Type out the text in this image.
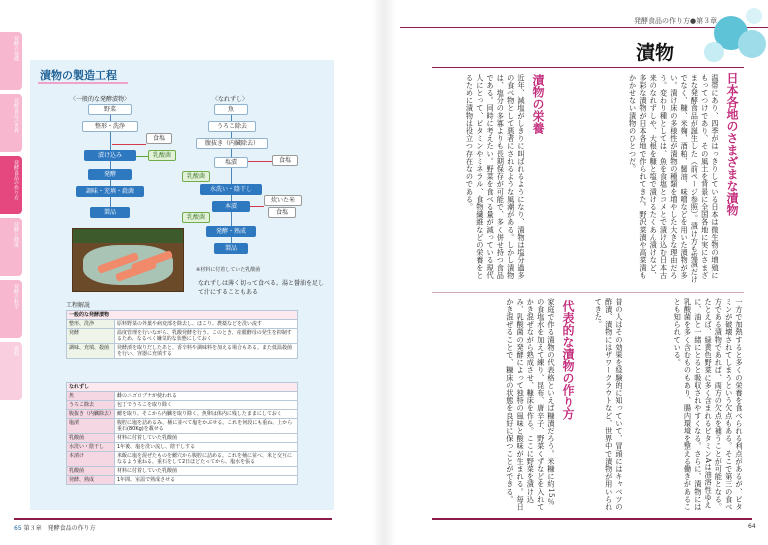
発酵の基礎
発酵食品の世界
発酵食品の作り方
発酵と健康
発酵の科学
資料
漬物の製造工程
〈一般的な発酵漬物〉
野菜
整形・洗浄
食塩
漬け込み	乳酸菌
発酵
調味・充填・殺菌
製品
〈なれずし〉
魚
うろこ除去
腹抜き（内臓除去）
食塩
塩漬
乳酸菌
水洗い・陰干し
炊いた米
食塩
本漬
乳酸菌
発酵・熟成
製品
※材料に付着していた乳酸菌
なれずしは薄く切って食べる。湯と醤油を足して汁にすることもある
工程解説
一般的な発酵漬物	
整形、洗浄	原料野菜の外葉や病変部を除去し、ほこり、農薬などを洗い流す
発酵	温度管理を行いながら、乳酸発酵を行う。このとき、産膜酵母の発生を抑制するため、なるべく嫌気的な状態にしておく
調味、充填、殺菌	発酵漬を取りだしたあと、香辛料や調味料を加える場合もある。また低温殺菌を行い、容器に充填する
なれずし	
魚	雌のニゴロブナが使われる
うろこ除去	包丁でうろこを取り除く
腹抜き（内臓除去）	鰓を取り、そこから内臓を取り除く。魚卵は体内に残したままにしておく
塩漬	腹腔に塩を詰めるみ、桶に並べて塩をかぶせる。これを何段にも重ね、上から重石(80Kg)を載せる
乳酸菌	材料に付着していた乳酸菌
水洗い・陰干し	1年後、塩を洗い流し、陰干しする
本漬け	米飯に塩を混ぜたものを鰓穴から腹腔に詰める。これを桶に並べ、米と交互になるよう重ねる。重石をして2日ほどたってから、塩水を張る
乳酸菌	材料に付着していた乳酸菌
発酵、熟成	1年間、室温で熟成させる
65 第３章　発酵食品の作り方
発酵食品の作り方●第３章
漬物
日本各地のさまざまな漬物
温帯にあり、四季がはっきりしている日本は微生物の増殖にもってつけであり、その風土を背景に全国各地に実にさまざまな発酵食品が誕生した（前ページ参照）。漬け方も塩漬だけでなく、糠、米麹、酒粕、醤油、味噌などを用いた漬物が多い。漬け床の多様性が漬物の種類を増やした大きな理由だろう。変わり種としては、魚を食塩とコメとで漬け込む日本古来のなれずしや、大根を糠と塩で漬けるたくあん漬けなど、多彩な漬物が日本各地で作られてきた。野沢菜漬や高菜漬もかかせない漬物のひとつだ。
漬物の栄養
近年、減塩がしきりに叫ばれるようになり、漬物は塩分過多の食べ物として悪者にされるような風潮がある。しかし漬物は、塩分の多寡よりも長期保存が可能で、多く併せ持つ食品である。同時に考えたい。野菜を食べる量が減っている現代人にとって、ビタミンやミネラル、食物繊維などの栄養をとるために漬物は役立つ存在なのである。
一方で加熱すると多くの栄養を食べられる利点があるが、ビタミンが破壊されてしまうという欠点もある。そこで第三の食べ方である漬物であれば、両方の欠点を補うことが可能となる。たとえば、緑黄色野菜に多く含まれるビタミンAは油溶性ゆえに、油と一緒にとると吸収されやすくなる。さらに、漬物には乳酸菌を多く含むものもあり、腸内環境を整える働きがあることも知られている。
昔の人はその効果を経験的に知っていて、冒頭にはキャベツの酢漬、漬物にはザワークラウトなど、世界中で漬物が用いられてきた。
代表的な漬物の作り方
家庭で作る漬物の代表格といえば糠漬だろう。米糠に約15％の食塩水を加えて練り、昆布、唐辛子、野菜くずなどを入れてかき混ぜながら熟成させ、糠床を作る。ここに野菜を漬け込み、乳酸菌の発酵によって独特の風味と酸味が生まれる。毎日かき混ぜることで、糠床の状態を良好に保つことができる。
64
